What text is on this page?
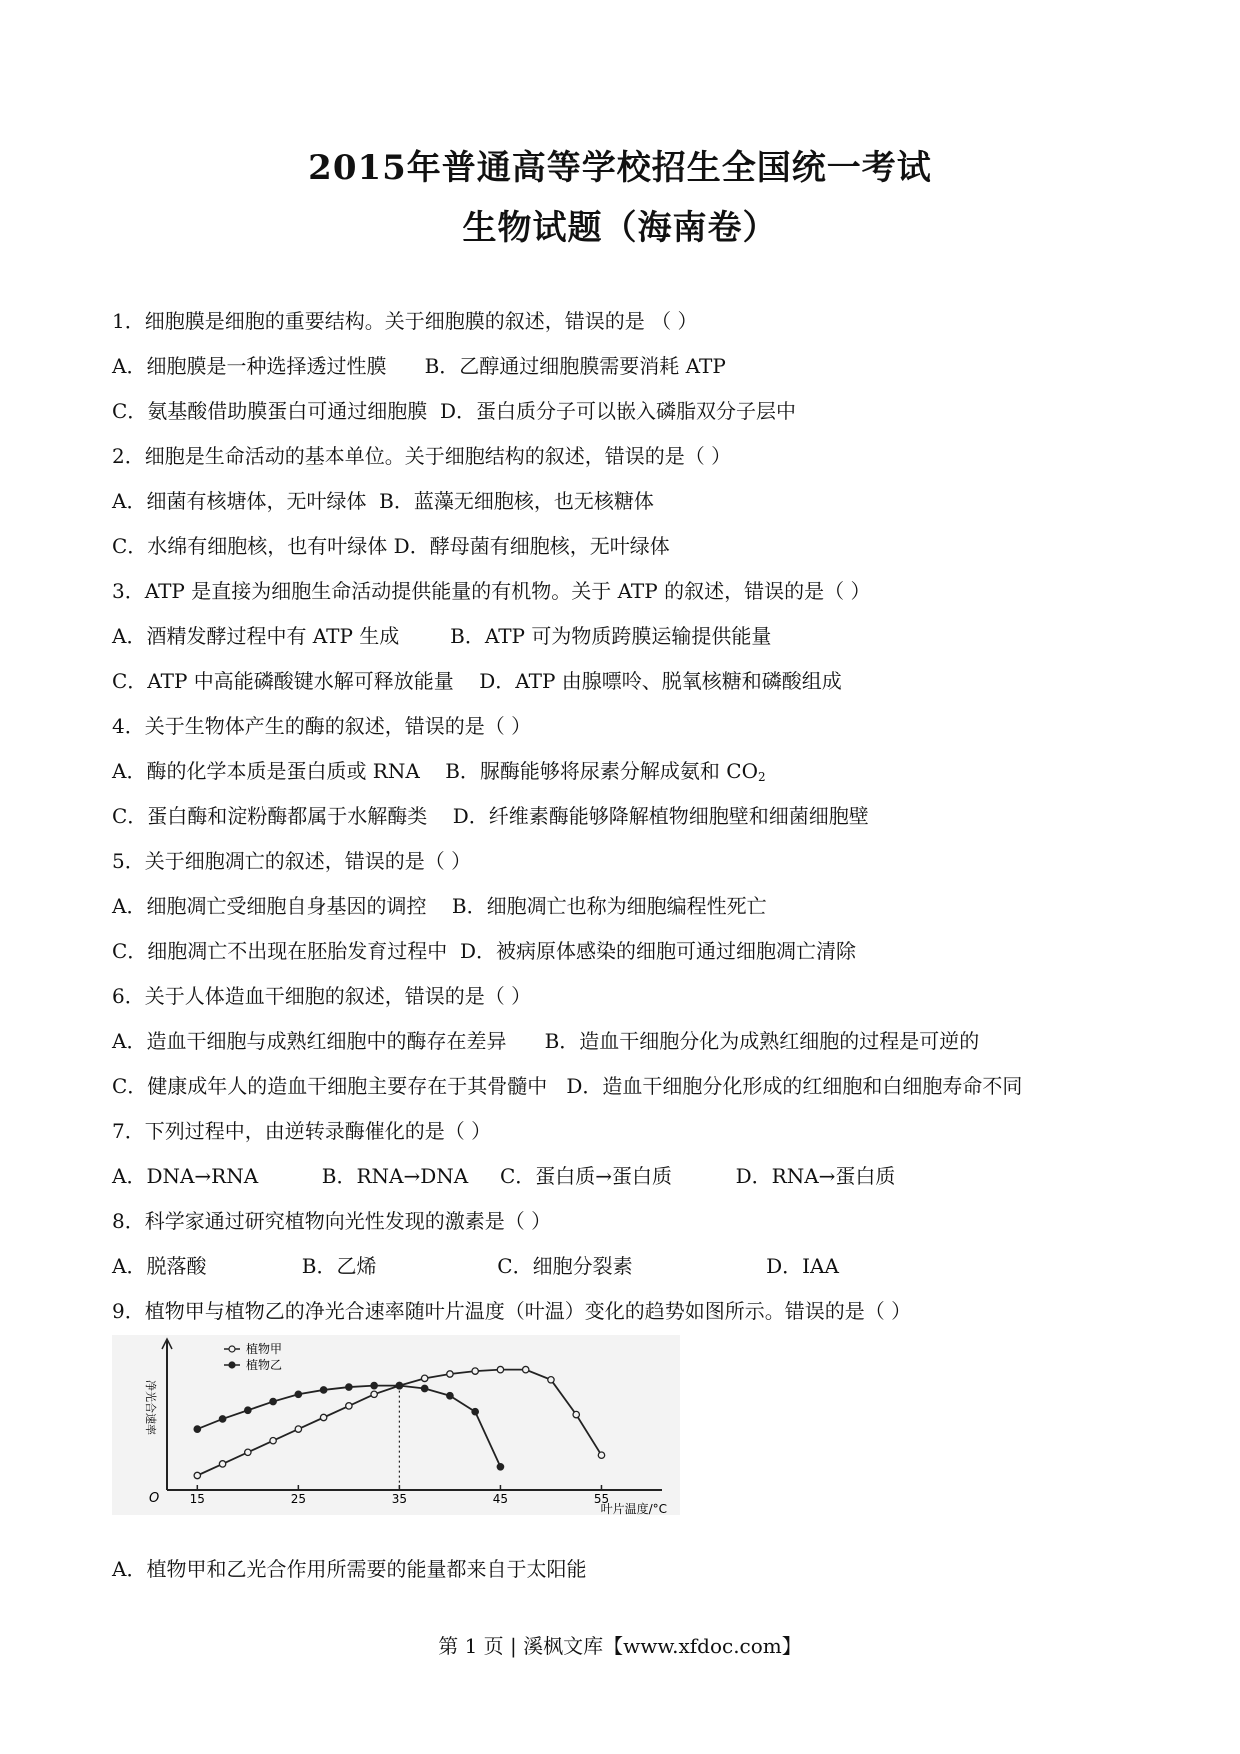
2015年普通高等学校招生全国统一考试
生物试题（海南卷）
1．细胞膜是细胞的重要结构。关于细胞膜的叙述，错误的是 （ ）
A．细胞膜是一种选择透过性膜      B．乙醇通过细胞膜需要消耗 ATP
C．氨基酸借助膜蛋白可通过细胞膜  D．蛋白质分子可以嵌入磷脂双分子层中
2．细胞是生命活动的基本单位。关于细胞结构的叙述，错误的是（ ）
A．细菌有核塘体，无叶绿体  B．蓝藻无细胞核，也无核糖体
C．水绵有细胞核，也有叶绿体 D．酵母菌有细胞核，无叶绿体
3．ATP 是直接为细胞生命活动提供能量的有机物。关于 ATP 的叙述，错误的是（ ）
A．酒精发酵过程中有 ATP 生成        B．ATP 可为物质跨膜运输提供能量
C．ATP 中高能磷酸键水解可释放能量    D．ATP 由腺嘌呤、脱氧核糖和磷酸组成
4．关于生物体产生的酶的叙述，错误的是（ ）
A．酶的化学本质是蛋白质或 RNA    B．脲酶能够将尿素分解成氨和 $CO_2$
C．蛋白酶和淀粉酶都属于水解酶类    D．纤维素酶能够降解植物细胞壁和细菌细胞壁
5．关于细胞凋亡的叙述，错误的是（ ）
A．细胞凋亡受细胞自身基因的调控    B．细胞凋亡也称为细胞编程性死亡
C．细胞凋亡不出现在胚胎发育过程中  D．被病原体感染的细胞可通过细胞凋亡清除
6．关于人体造血干细胞的叙述，错误的是（ ）
A．造血干细胞与成熟红细胞中的酶存在差异      B．造血干细胞分化为成熟红细胞的过程是可逆的
C．健康成年人的造血干细胞主要存在于其骨髓中   D．造血干细胞分化形成的红细胞和白细胞寿命不同
7．下列过程中，由逆转录酶催化的是（ ）
A．DNA→RNA          B．RNA→DNA     C．蛋白质→蛋白质          D．RNA→蛋白质
8．科学家通过研究植物向光性发现的激素是（ ）
A．脱落酸               B．乙烯                   C．细胞分裂素                     D．IAA
9．植物甲与植物乙的净光合速率随叶片温度（叶温）变化的趋势如图所示。错误的是（ ）
O	15	25	35	45	55
叶片温度/°C
净光合速率
植物甲
植物乙
A．植物甲和乙光合作用所需要的能量都来自于太阳能
第 1 页 | 溪枫文库【www.xfdoc.com】
